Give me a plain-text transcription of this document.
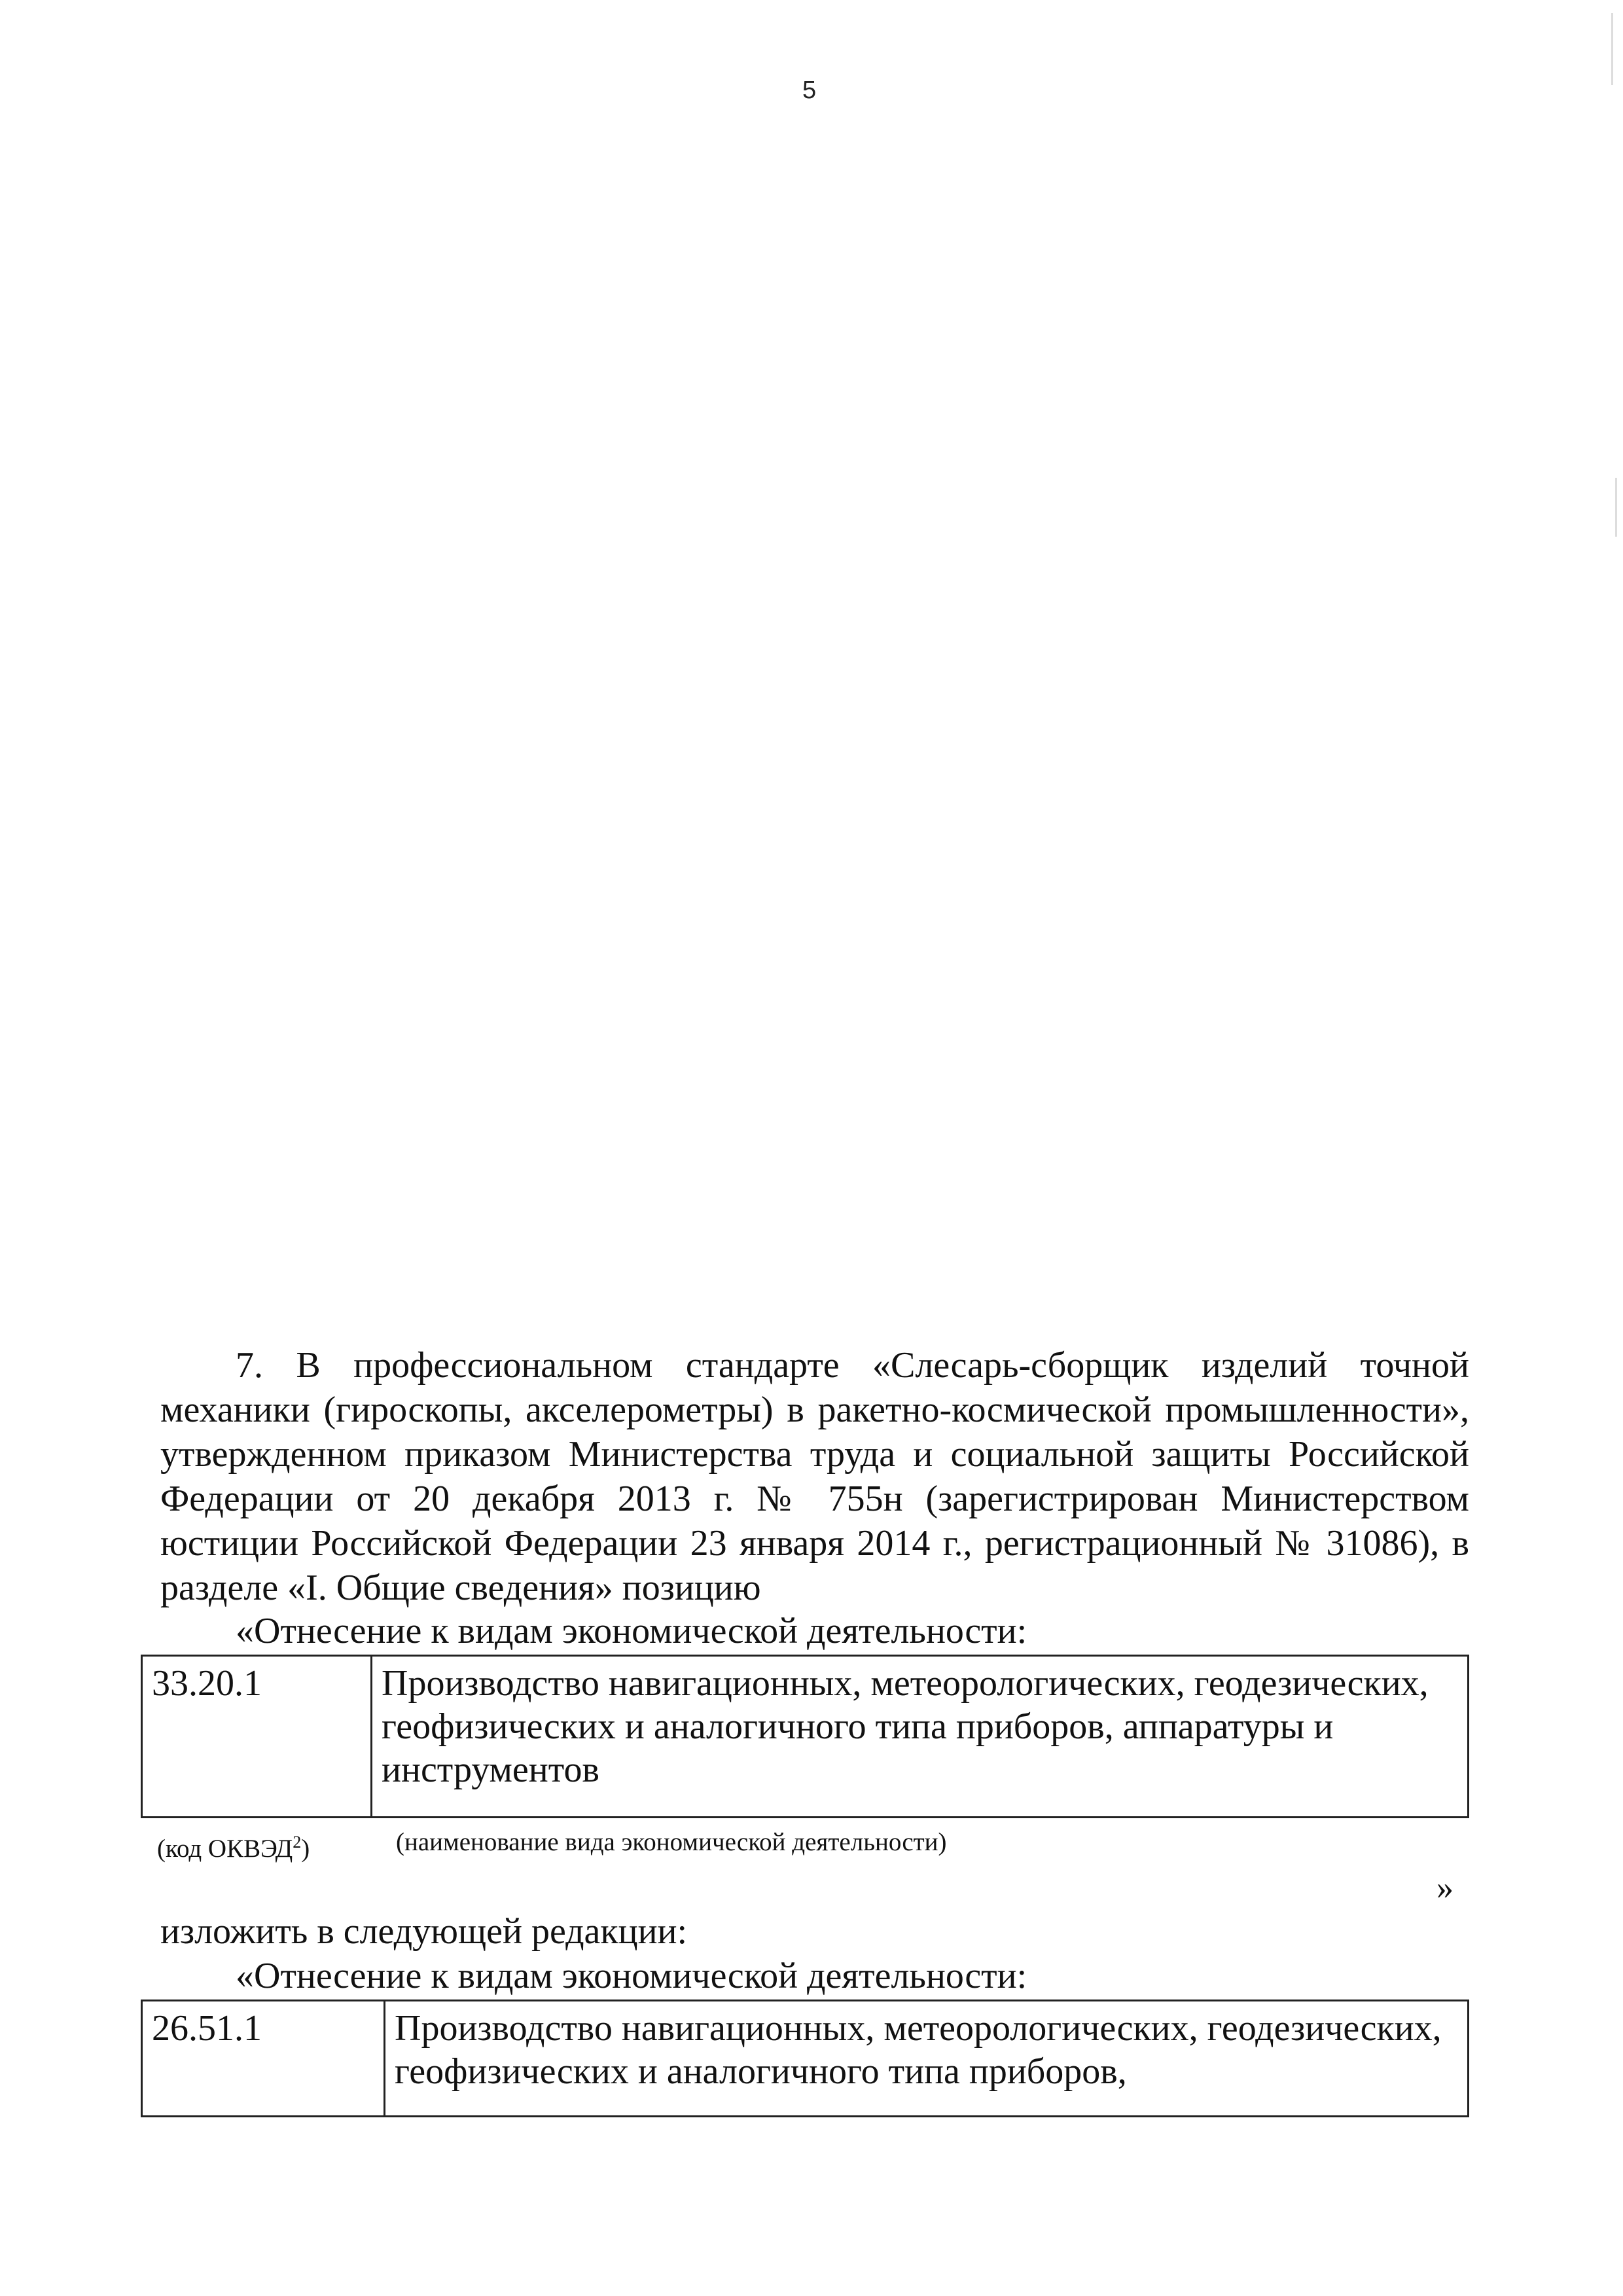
5

7. В профессиональном стандарте «Слесарь-сборщик изделий точной механики (гироскопы, акселерометры) в ракетно-космической промышленности», утвержденном приказом Министерства труда и социальной защиты Российской Федерации от 20 декабря 2013 г. № 755н (зарегистрирован Министерством юстиции Российской Федерации 23 января 2014 г., регистрационный № 31086), в разделе «I. Общие сведения» позицию

«Отнесение к видам экономической деятельности:
33.20.1	Производство навигационных, метеорологических, геодезических, геофизических и аналогичного типа приборов, аппаратуры и инструментов
(код ОКВЭД$^2$)	(наименование вида экономической деятельности)
»
изложить в следующей редакции:
«Отнесение к видам экономической деятельности:
26.51.1	Производство навигационных, метеорологических, геодезических, геофизических и аналогичного типа приборов,
